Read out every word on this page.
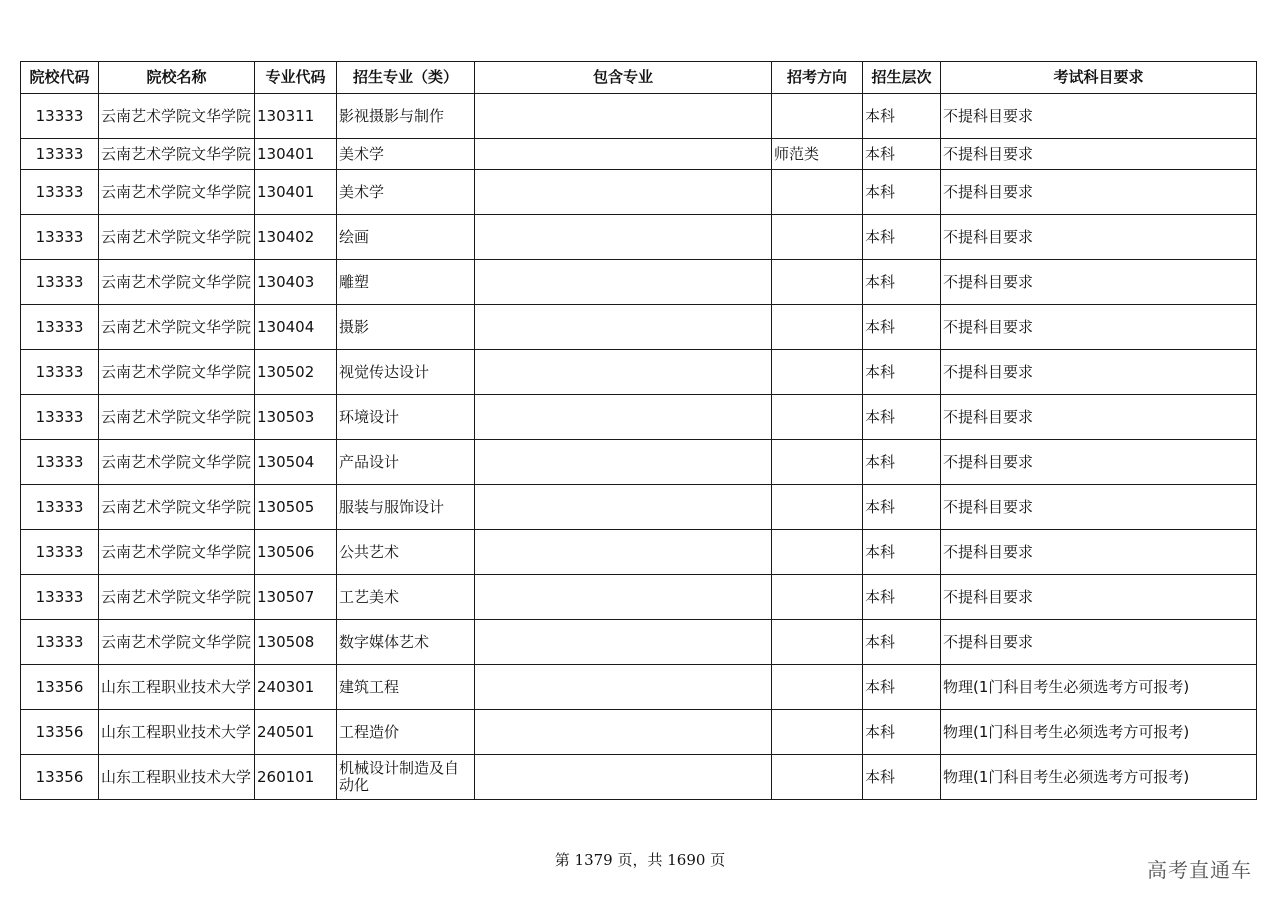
院校代码	院校名称	专业代码	招生专业（类）	包含专业	招考方向	招生层次	考试科目要求
13333	云南艺术学院文华学院	130311	影视摄影与制作			本科	不提科目要求
13333	云南艺术学院文华学院	130401	美术学		师范类	本科	不提科目要求
13333	云南艺术学院文华学院	130401	美术学			本科	不提科目要求
13333	云南艺术学院文华学院	130402	绘画			本科	不提科目要求
13333	云南艺术学院文华学院	130403	雕塑			本科	不提科目要求
13333	云南艺术学院文华学院	130404	摄影			本科	不提科目要求
13333	云南艺术学院文华学院	130502	视觉传达设计			本科	不提科目要求
13333	云南艺术学院文华学院	130503	环境设计			本科	不提科目要求
13333	云南艺术学院文华学院	130504	产品设计			本科	不提科目要求
13333	云南艺术学院文华学院	130505	服装与服饰设计			本科	不提科目要求
13333	云南艺术学院文华学院	130506	公共艺术			本科	不提科目要求
13333	云南艺术学院文华学院	130507	工艺美术			本科	不提科目要求
13333	云南艺术学院文华学院	130508	数字媒体艺术			本科	不提科目要求
13356	山东工程职业技术大学	240301	建筑工程			本科	物理(1门科目考生必须选考方可报考)
13356	山东工程职业技术大学	240501	工程造价			本科	物理(1门科目考生必须选考方可报考)
13356	山东工程职业技术大学	260101	机械设计制造及自动化			本科	物理(1门科目考生必须选考方可报考)
第 1379 页，共 1690 页	高考直通车
